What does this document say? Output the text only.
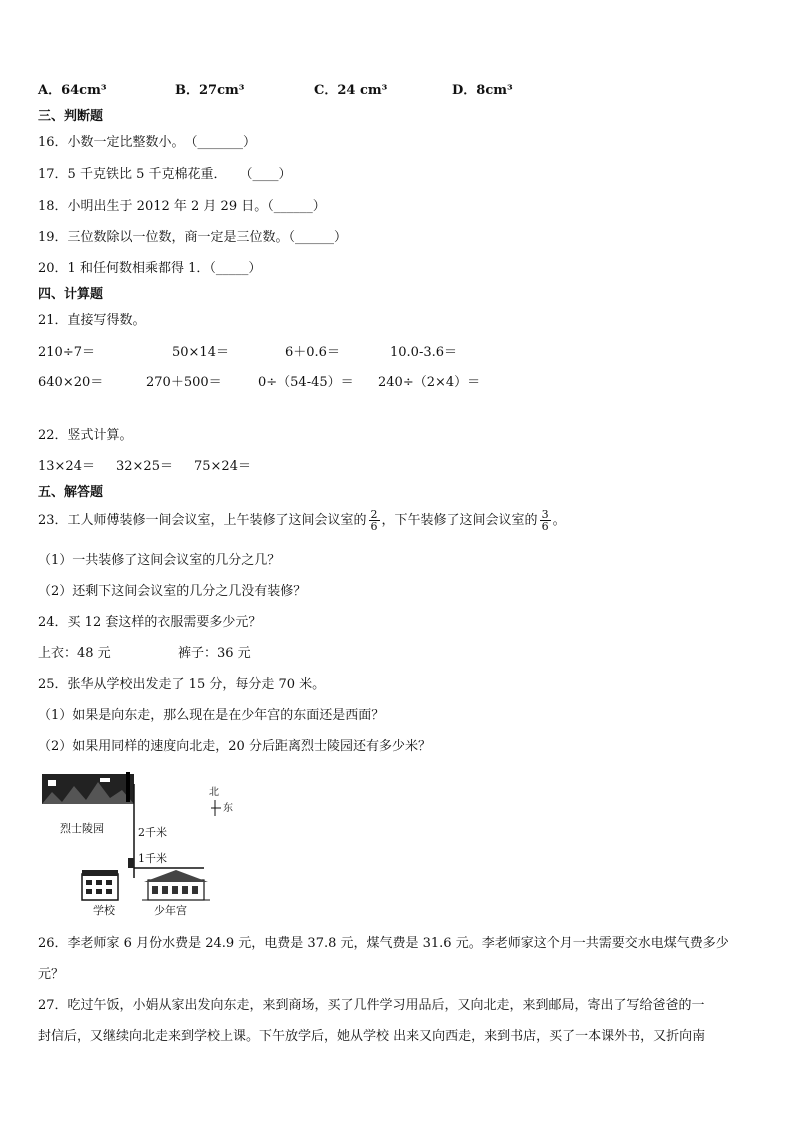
A．64cm³	B．27cm³	C．24 cm³	D．8cm³
三、判断题
16．小数一定比整数小。　（_______）
17．5 千克铁比 5 千克棉花重．　　（____）
18．小明出生于 2012 年 2 月 29 日。（______）
19．三位数除以一位数，商一定是三位数。（______）
20．1 和任何数相乘都得 1．（_____）
四、计算题
21．直接写得数。
210÷7＝	50×14＝	6＋0.6＝	10.0-3.6＝
640×20＝	270＋500＝	0÷（54-45）＝ 240÷（2×4）＝
22．竖式计算。
13×24＝ 32×25＝ 75×24＝
五、解答题
23．工人师傅装修一间会议室，上午装修了这间会议室的 $\frac{2}{6}$ ，下午装修了这间会议室的 $\frac{3}{6}$ 。
（1）一共装修了这间会议室的几分之几？
（2）还剩下这间会议室的几分之几没有装修？
24．买 12 套这样的衣服需要多少元？
上衣：48 元	裤子：36 元
25．张华从学校出发走了 15 分，每分走 70 米。
（1）如果是向东走，那么现在是在少年宫的东面还是西面？
（2）如果用同样的速度向北走，20 分后距离烈士陵园还有多少米？
烈士陵园	2千米
1千米
学校	少年宫
北
东
26．李老师家 6 月份水费是 24.9 元，电费是 37.8 元，煤气费是 31.6 元。李老师家这个月一共需要交水电煤气费多少
元？
27．吃过午饭，小娟从家出发向东走，来到商场，买了几件学习用品后，又向北走，来到邮局，寄出了写给爸爸的一
封信后，又继续向北走来到学校上课。下午放学后，她从学校 出来又向西走，来到书店，买了一本课外书，又折向南
